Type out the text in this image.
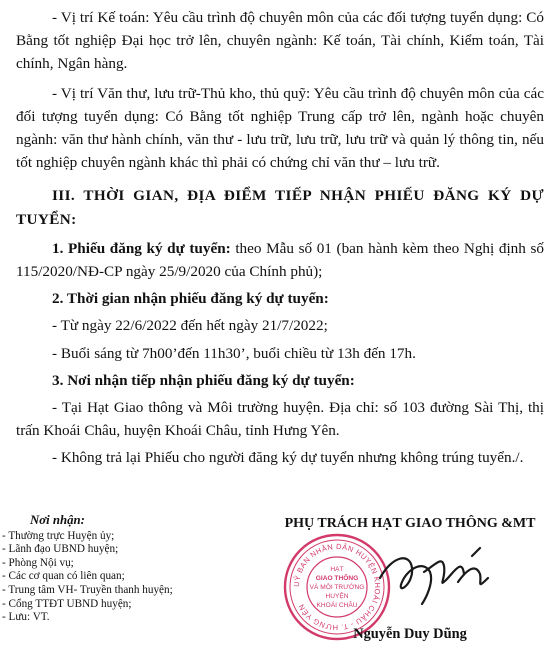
- Vị trí Kế toán: Yêu cầu trình độ chuyên môn của các đối tượng tuyển dụng: Có Bằng tốt nghiệp Đại học trở lên, chuyên ngành: Kế toán, Tài chính, Kiểm toán, Tài chính, Ngân hàng.

- Vị trí Văn thư, lưu trữ-Thủ kho, thủ quỹ: Yêu cầu trình độ chuyên môn của các đối tượng tuyển dụng: Có Bằng tốt nghiệp Trung cấp trở lên, ngành hoặc chuyên ngành: văn thư hành chính, văn thư - lưu trữ, lưu trữ, lưu trữ và quản lý thông tin, nếu tốt nghiệp chuyên ngành khác thì phải có chứng chỉ văn thư – lưu trữ.

III. THỜI GIAN, ĐỊA ĐIỂM TIẾP NHẬN PHIẾU ĐĂNG KÝ DỰ TUYỂN:

1. Phiếu đăng ký dự tuyển: theo Mẫu số 01 (ban hành kèm theo Nghị định số 115/2020/NĐ-CP ngày 25/9/2020 của Chính phủ);

2. Thời gian nhận phiếu đăng ký dự tuyển:

- Từ ngày 22/6/2022 đến hết ngày 21/7/2022;

- Buổi sáng từ 7h00’đến 11h30’, buổi chiều từ 13h đến 17h.

3. Nơi nhận tiếp nhận phiếu đăng ký dự tuyển:

- Tại Hạt Giao thông và Môi trường huyện. Địa chỉ: số 103 đường Sài Thị, thị trấn Khoái Châu, huyện Khoái Châu, tỉnh Hưng Yên.

- Không trả lại Phiếu cho người đăng ký dự tuyển nhưng không trúng tuyển./.

Nơi nhận:
- Thường trực Huyện ủy;
- Lãnh đạo UBND huyện;
- Phòng Nội vụ;
- Các cơ quan có liên quan;
- Trung tâm VH- Truyền thanh huyện;
- Cổng TTĐT UBND huyện;
- Lưu: VT.
PHỤ TRÁCH HẠT GIAO THÔNG &MT
UỶ BAN NHÂN DÂN HUYỆN KHOÁI CHÂU - T. HƯNG YÊN
HẠT
GIAO THÔNG
VÀ MÔI TRƯỜNG
HUYỆN
KHOÁI CHÂU
Nguyễn Duy Dũng
